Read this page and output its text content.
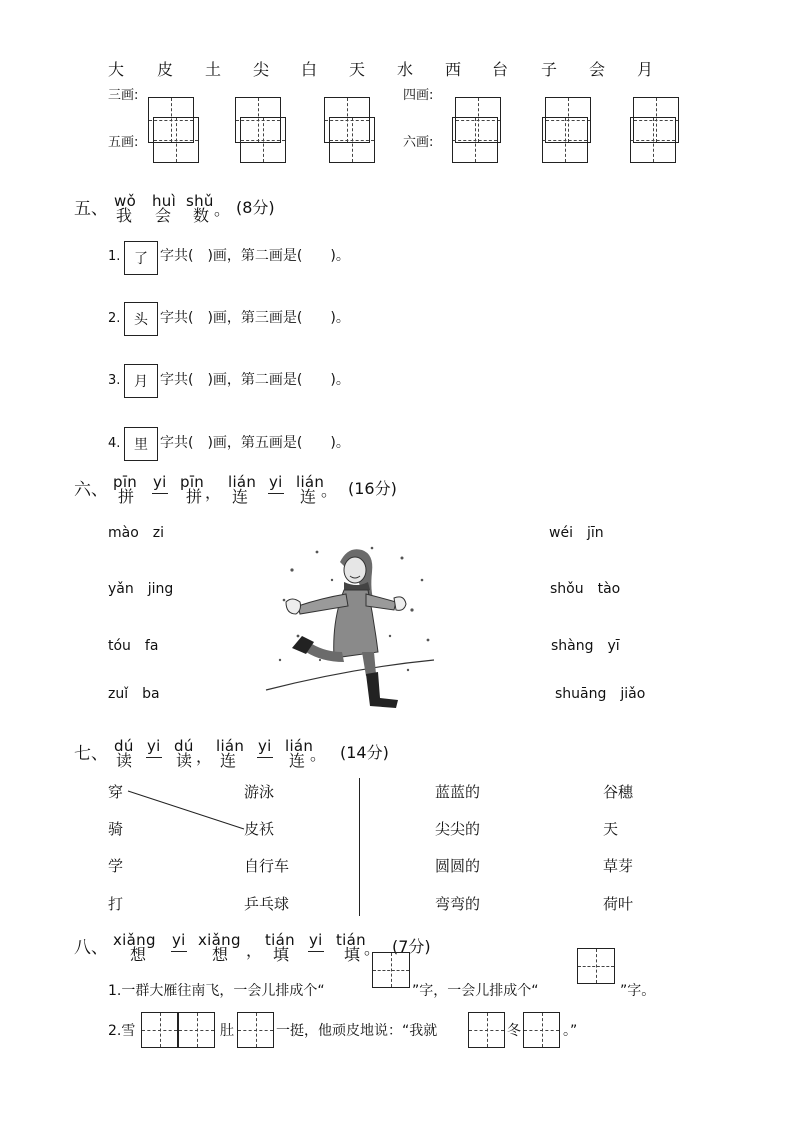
大 皮 土 尖 白 天 水 西 台 子 会 月
三画:	四画:
五画:	六画:
五、 wǒ huì shǔ
我 会 数 。 (8分)
1. 了 字共(　)画，第二画是(　　)。
2. 头 字共(　)画，第三画是(　　)。
3. 月 字共(　)画，第二画是(　　)。
4. 里 字共(　)画，第五画是(　　)。
六、 pīn yi pīn lián yi lián
拼	拼 ， 连	连 。 (16分)
mào　zi
yǎn　jing
tóu　fa
zuǐ　ba
wéi　jīn
shǒu　tào
shàng　yī
shuāng　jiǎo
七、 dú yi dú lián yi lián
读	读 ， 连	连 。 (14分)
穿
骑
学
打
游泳
皮袄
自行车
乒乓球
蓝蓝的
尖尖的
圆圆的
弯弯的
谷穗
天
草芽
荷叶
八、 xiǎng yi xiǎng tián yi tián
想	想 ， 填	填 。 (7分)
1.一群大雁往南飞，一会儿排成个“	”字，一会儿排成个“	”字。
2.雪	肚	一挺，他顽皮地说：“我就	冬	。”
